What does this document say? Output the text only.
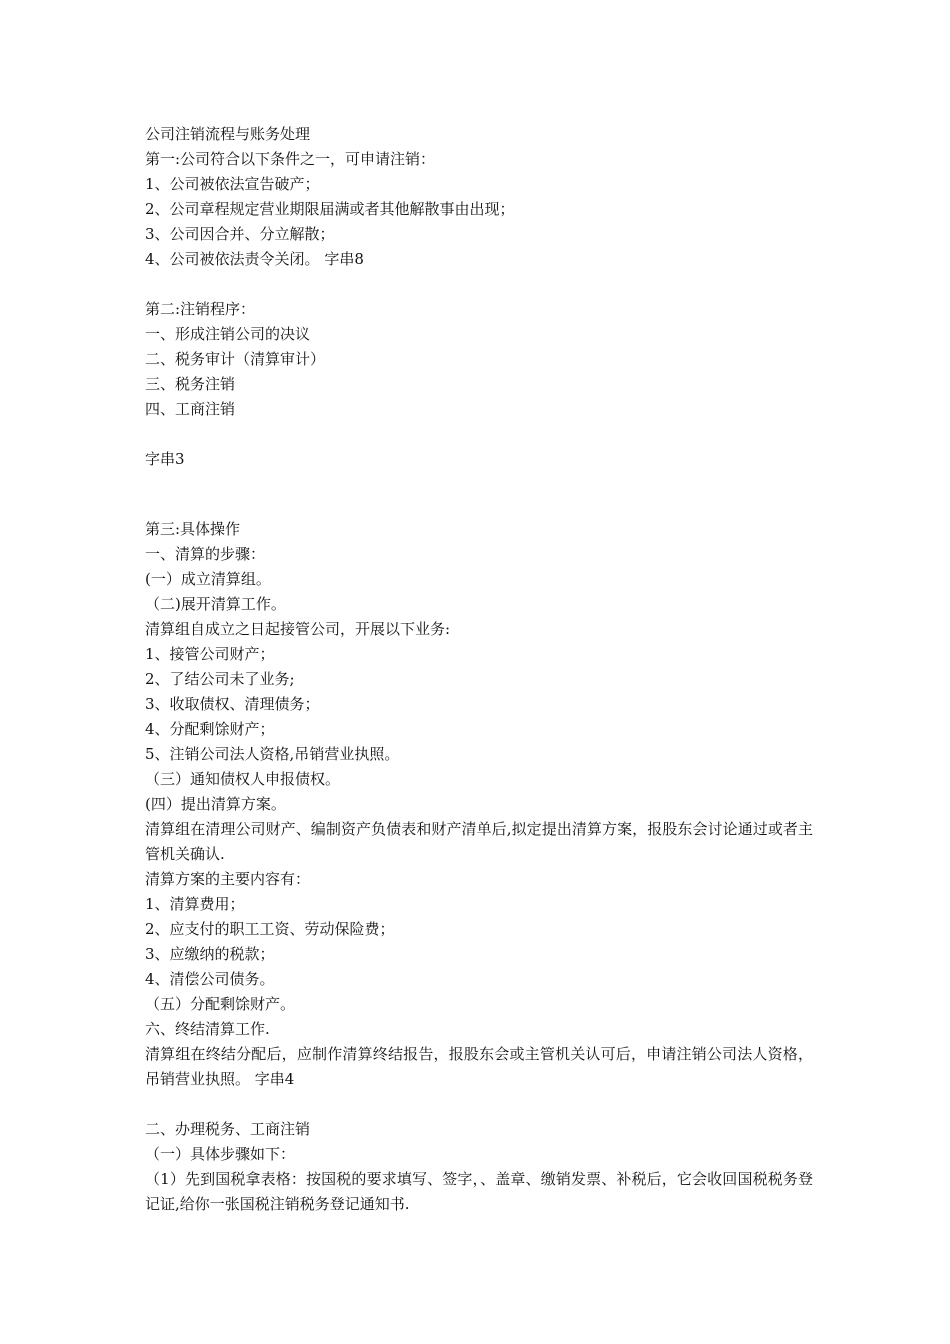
公司注销流程与账务处理

第一:公司符合以下条件之一，可申请注销：

1、公司被依法宣告破产；

2、公司章程规定营业期限届满或者其他解散事由出现；

3、公司因合并、分立解散；

4、公司被依法责令关闭。 字串8

第二:注销程序：

一、形成注销公司的决议

二、税务审计（清算审计）

三、税务注销

四、工商注销

字串3

第三:具体操作

一、清算的步骤：

(一）成立清算组。

（二)展开清算工作。

清算组自成立之日起接管公司，开展以下业务:

1、接管公司财产；

2、了结公司未了业务;

3、收取债权、清理债务；

4、分配剩馀财产；

5、注销公司法人资格,吊销营业执照。

（三）通知债权人申报债权。

(四）提出清算方案。

清算组在清理公司财产、编制资产负债表和财产清单后,拟定提出清算方案，报股东会讨论通过或者主管机关确认.

清算方案的主要内容有：

1、清算费用；

2、应支付的职工工资、劳动保险费；

3、应缴纳的税款；

4、清偿公司债务。

（五）分配剩馀财产。

六、终结清算工作.

清算组在终结分配后，应制作清算终结报告，报股东会或主管机关认可后，申请注销公司法人资格，吊销营业执照。 字串4

二、办理税务、工商注销

（一）具体步骤如下：

（1）先到国税拿表格：按国税的要求填写、签字，、盖章、缴销发票、补税后，它会收回国税税务登记证,给你一张国税注销税务登记通知书.
